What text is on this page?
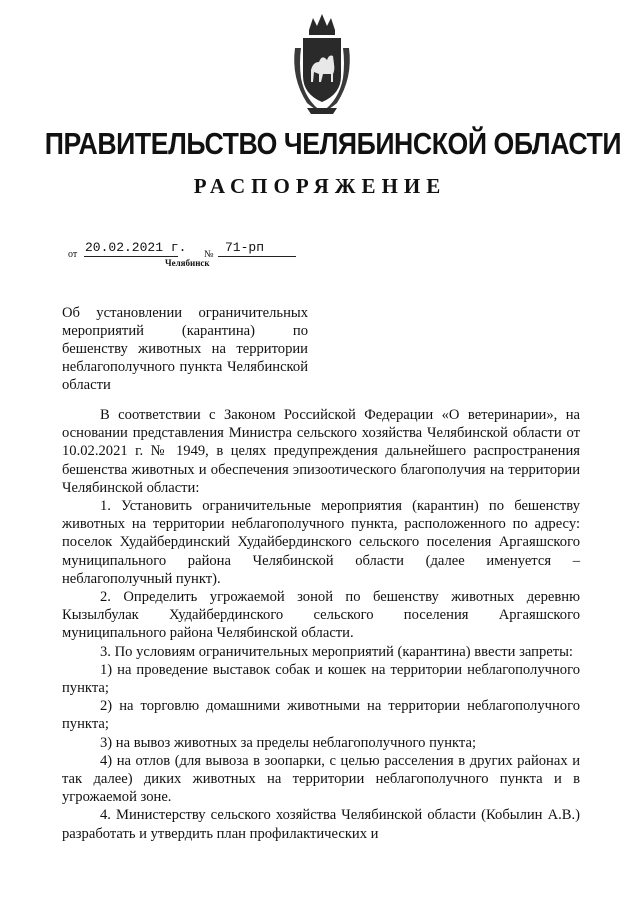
ПРАВИТЕЛЬСТВО ЧЕЛЯБИНСКОЙ ОБЛАСТИ
РАСПОРЯЖЕНИЕ
от 20.02.2021 г. № 71-рп
Челябинск

Об установлении ограничительных мероприятий (карантина) по бешенству животных на территории неблагополучного пункта Челябинской области

В соответствии с Законом Российской Федерации «О ветеринарии», на основании представления Министра сельского хозяйства Челябинской области от 10.02.2021 г. № 1949, в целях предупреждения дальнейшего распространения бешенства животных и обеспечения эпизоотического благополучия на территории Челябинской области:

1. Установить ограничительные мероприятия (карантин) по бешенству животных на территории неблагополучного пункта, расположенного по адресу: поселок Худайбердинский Худайбердинского сельского поселения Аргаяшского муниципального района Челябинской области (далее именуется – неблагополучный пункт).

2. Определить угрожаемой зоной по бешенству животных деревню Кызылбулак Худайбердинского сельского поселения Аргаяшского муниципального района Челябинской области.

3. По условиям ограничительных мероприятий (карантина) ввести запреты:

1) на проведение выставок собак и кошек на территории неблагополучного пункта;

2) на торговлю домашними животными на территории неблагополучного пункта;

3) на вывоз животных за пределы неблагополучного пункта;

4) на отлов (для вывоза в зоопарки, с целью расселения в других районах и так далее) диких животных на территории неблагополучного пункта и в угрожаемой зоне.

4. Министерству сельского хозяйства Челябинской области (Кобылин А.В.) разработать и утвердить план профилактических и
